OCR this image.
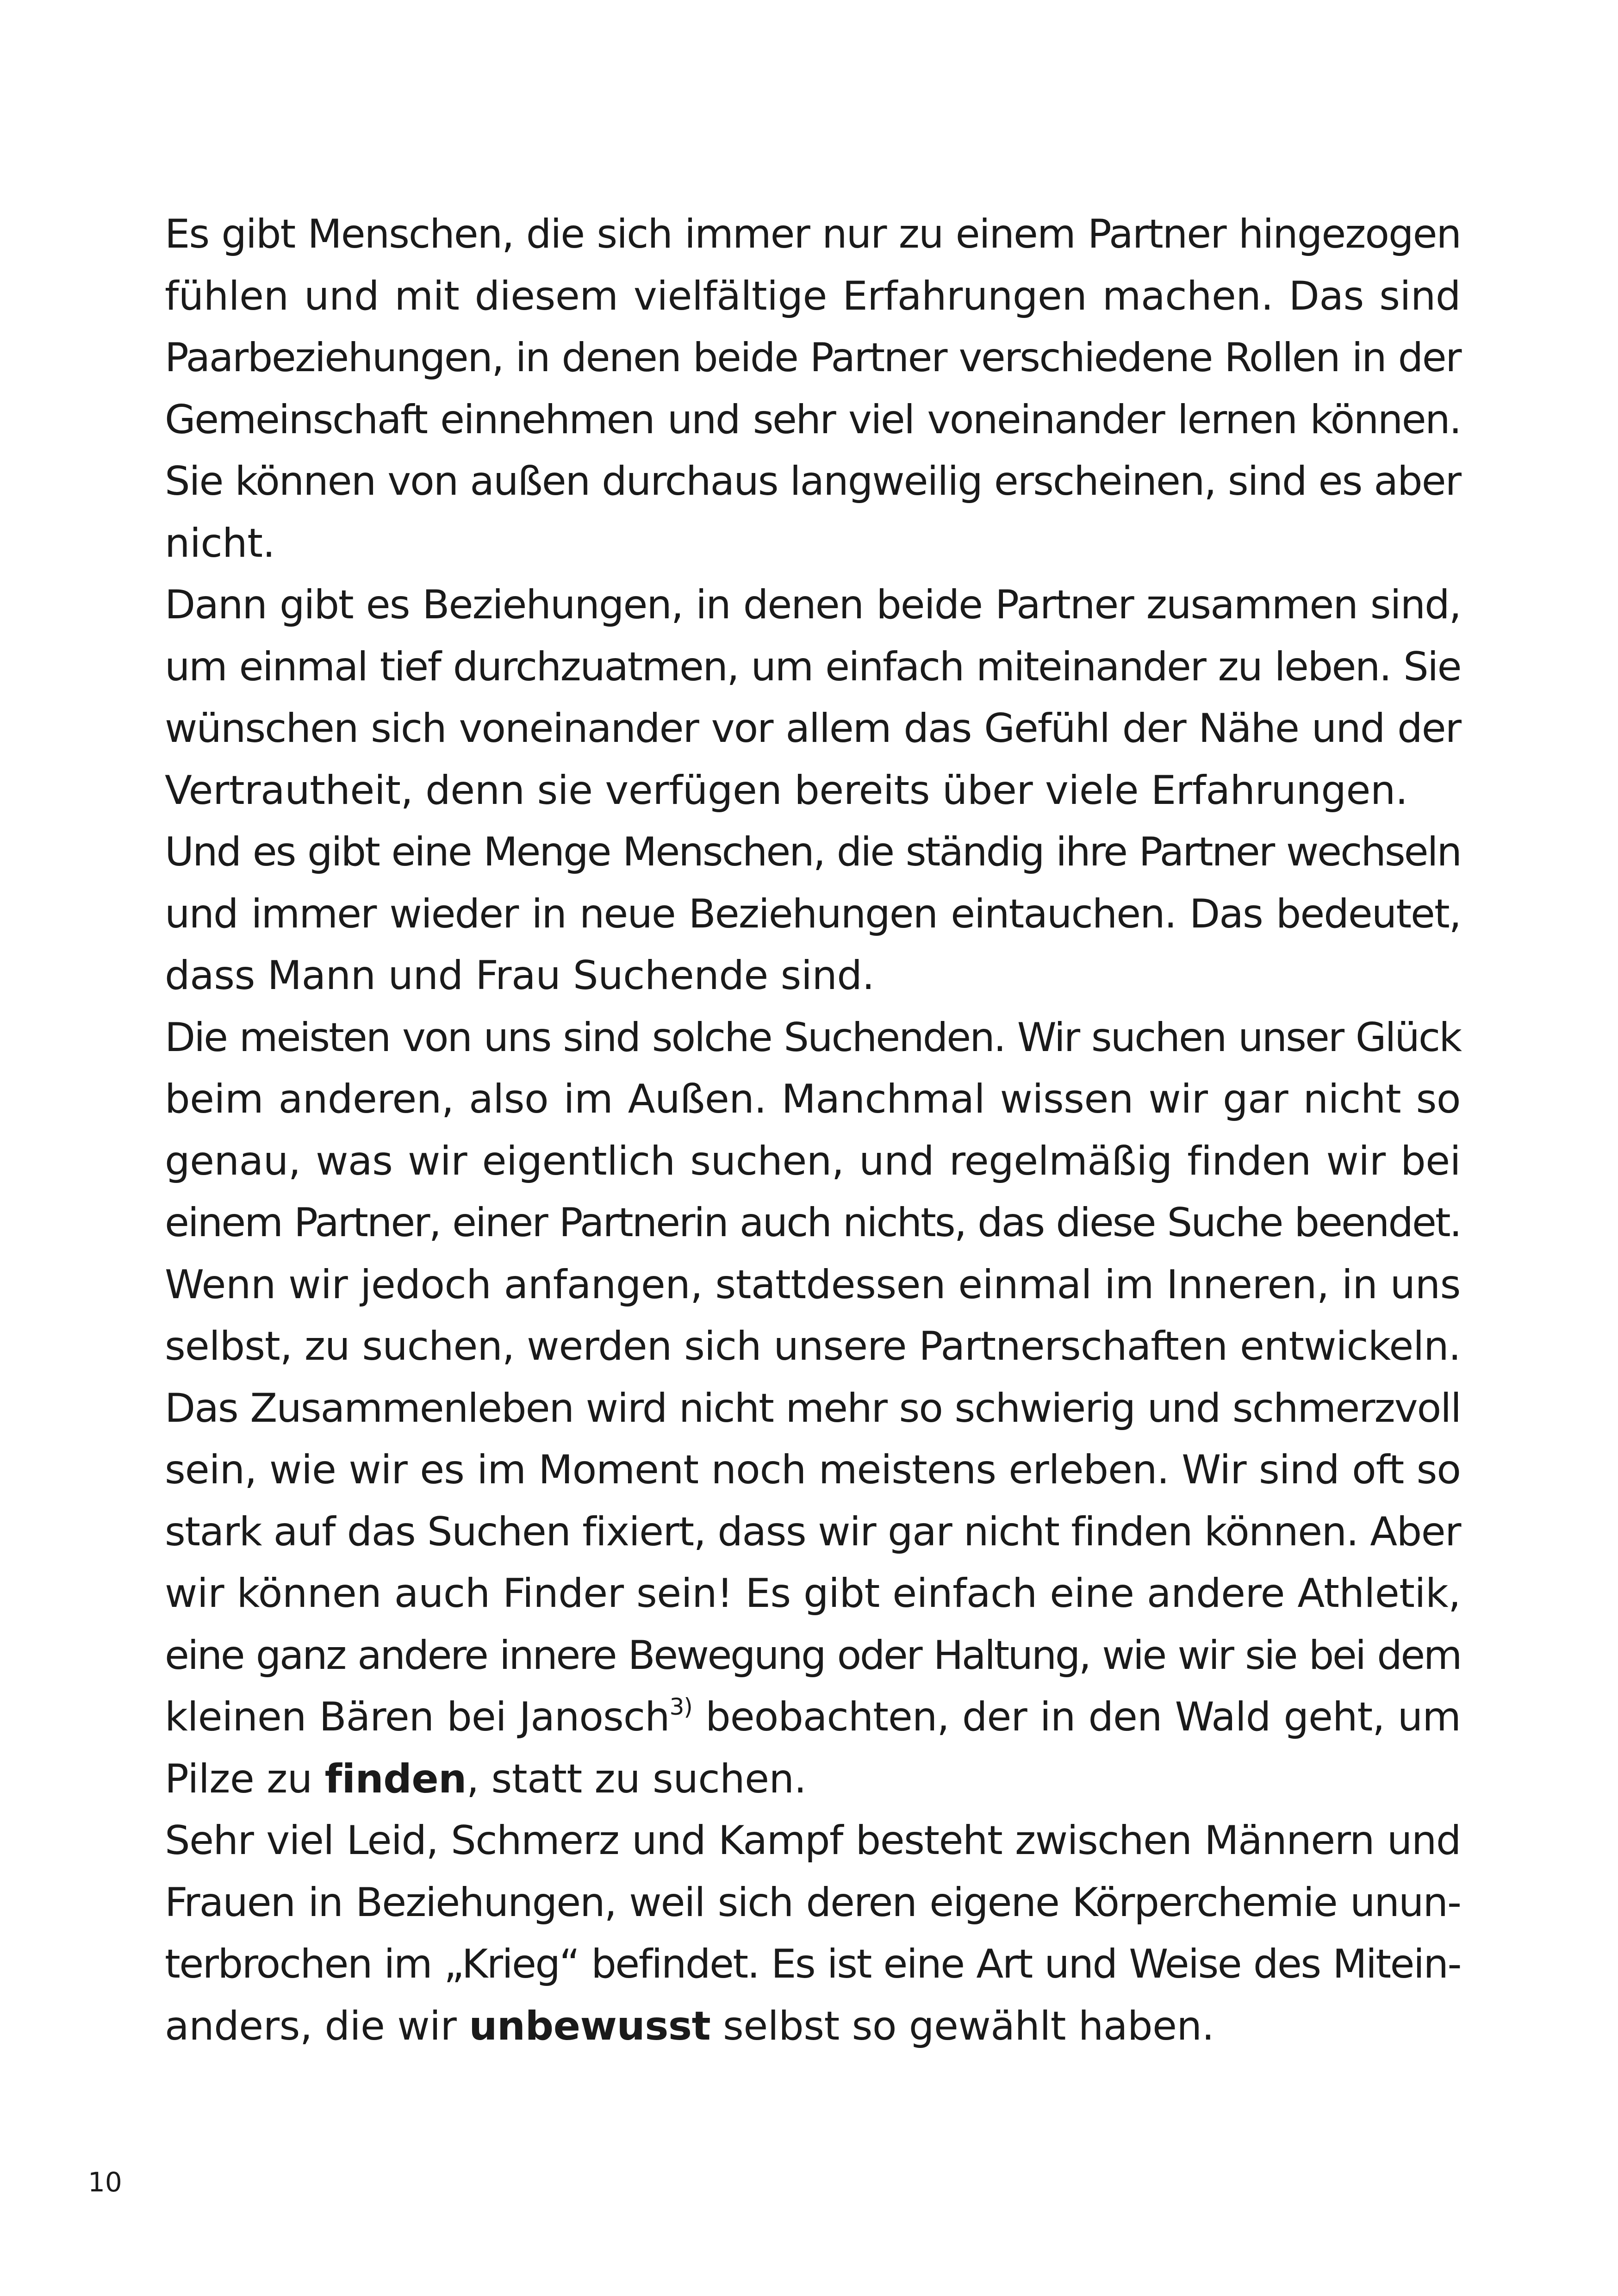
Es gibt Menschen, die sich immer nur zu einem Partner hingezogen
fühlen und mit diesem vielfältige Erfahrungen machen. Das sind
Paarbeziehungen, in denen beide Partner verschiedene Rollen in der
Gemeinschaft einnehmen und sehr viel voneinander lernen können.
Sie können von außen durchaus langweilig erscheinen, sind es aber
nicht.
Dann gibt es Beziehungen, in denen beide Partner zusammen sind,
um einmal tief durchzuatmen, um einfach miteinander zu leben. Sie
wünschen sich voneinander vor allem das Gefühl der Nähe und der
Vertrautheit, denn sie verfügen bereits über viele Erfahrungen.
Und es gibt eine Menge Menschen, die ständig ihre Partner wechseln
und immer wieder in neue Beziehungen eintauchen. Das bedeutet,
dass Mann und Frau Suchende sind.
Die meisten von uns sind solche Suchenden. Wir suchen unser Glück
beim anderen, also im Außen. Manchmal wissen wir gar nicht so
genau, was wir eigentlich suchen, und regelmäßig finden wir bei
einem Partner, einer Partnerin auch nichts, das diese Suche beendet.
Wenn wir jedoch anfangen, stattdessen einmal im Inneren, in uns
selbst, zu suchen, werden sich unsere Partnerschaften entwickeln.
Das Zusammenleben wird nicht mehr so schwierig und schmerzvoll
sein, wie wir es im Moment noch meistens erleben. Wir sind oft so
stark auf das Suchen fixiert, dass wir gar nicht finden können. Aber
wir können auch Finder sein! Es gibt einfach eine andere Athletik,
eine ganz andere innere Bewegung oder Haltung, wie wir sie bei dem
kleinen Bären bei Janosch$^{3)}$ beobachten, der in den Wald geht, um
Pilze zu finden, statt zu suchen.
Sehr viel Leid, Schmerz und Kampf besteht zwischen Männern und
Frauen in Beziehungen, weil sich deren eigene Körperchemie unun-
terbrochen im „Krieg“ befindet. Es ist eine Art und Weise des Mitein-
anders, die wir unbewusst selbst so gewählt haben.
10
